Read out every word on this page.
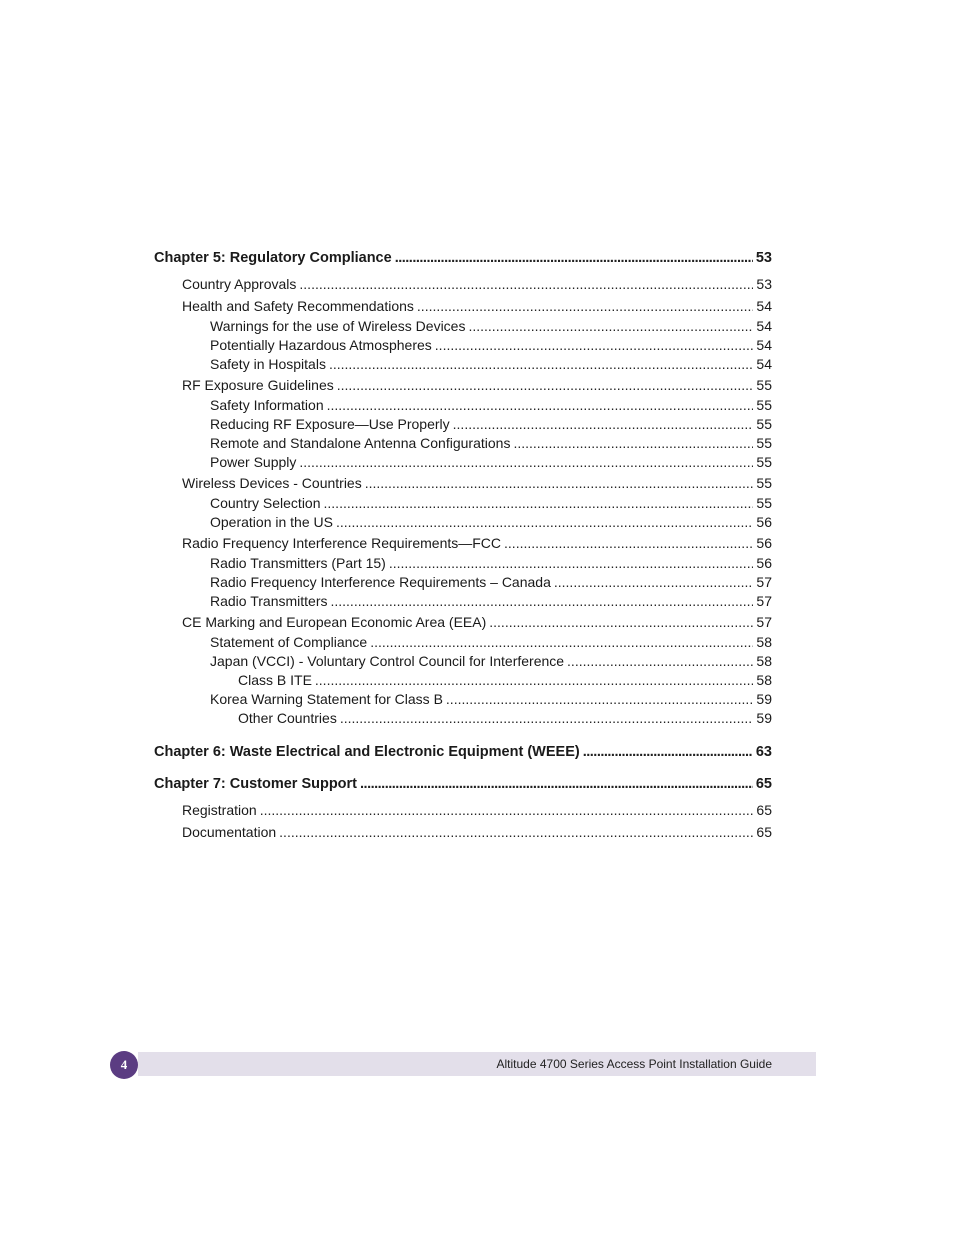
Chapter 5: Regulatory Compliance .....	53
Country Approvals .....	53
Health and Safety Recommendations .....	54
Warnings for the use of Wireless Devices .....	54
Potentially Hazardous Atmospheres .....	54
Safety in Hospitals .....	54
RF Exposure Guidelines .....	55
Safety Information .....	55
Reducing RF Exposure—Use Properly .....	55
Remote and Standalone Antenna Configurations .....	55
Power Supply .....	55
Wireless Devices - Countries .....	55
Country Selection .....	55
Operation in the US .....	56
Radio Frequency Interference Requirements—FCC .....	56
Radio Transmitters (Part 15) .....	56
Radio Frequency Interference Requirements – Canada .....	57
Radio Transmitters .....	57
CE Marking and European Economic Area (EEA) .....	57
Statement of Compliance .....	58
Japan (VCCI) - Voluntary Control Council for Interference .....	58
Class B ITE .....	58
Korea Warning Statement for Class B .....	59
Other Countries .....	59
Chapter 6: Waste Electrical and Electronic Equipment (WEEE) .....	63
Chapter 7: Customer Support .....	65
Registration .....	65
Documentation .....	65
Altitude 4700 Series Access Point Installation Guide
4
